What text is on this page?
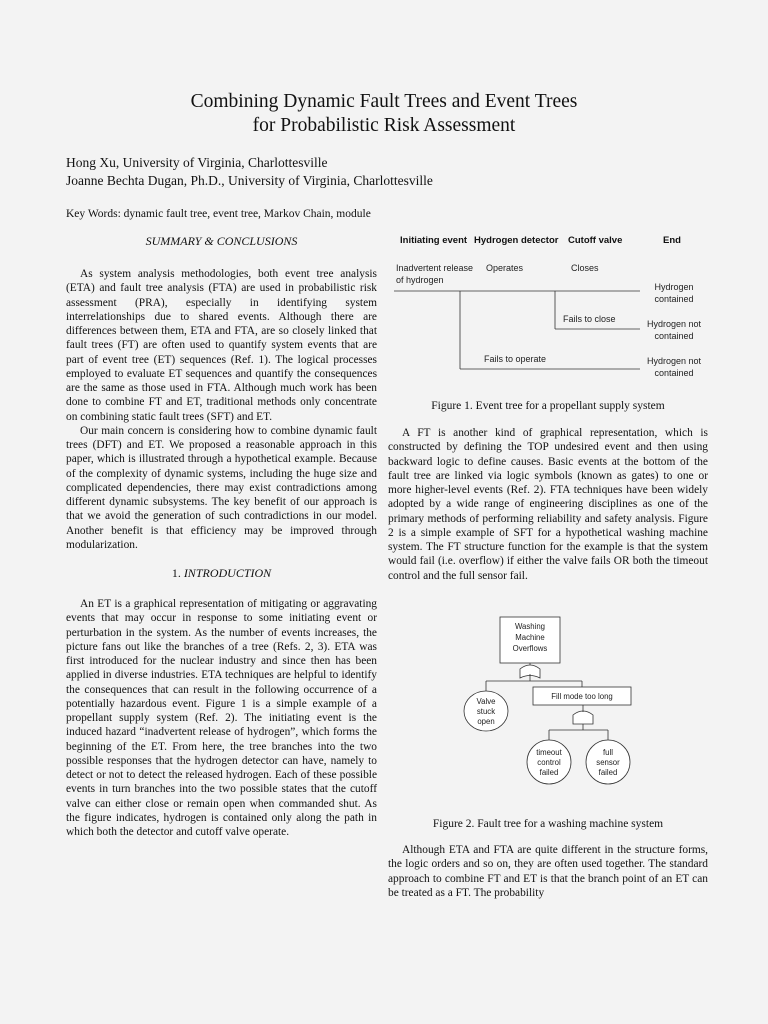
Combining Dynamic Fault Trees and Event Trees
for Probabilistic Risk Assessment
Hong Xu, University of Virginia, Charlottesville
Joanne Bechta Dugan, Ph.D., University of Virginia, Charlottesville
Key Words: dynamic fault tree, event tree, Markov Chain, module
SUMMARY & CONCLUSIONS

As system analysis methodologies, both event tree analysis (ETA) and fault tree analysis (FTA) are used in probabilistic risk assessment (PRA), especially in identifying system interrelationships due to shared events. Although there are differences between them, ETA and FTA, are so closely linked that fault trees (FT) are often used to quantify system events that are part of event tree (ET) sequences (Ref. 1). The logical processes employed to evaluate ET sequences and quantify the consequences are the same as those used in FTA. Although much work has been done to combine FT and ET, traditional methods only concentrate on combining static fault trees (SFT) and ET.

Our main concern is considering how to combine dynamic fault trees (DFT) and ET. We proposed a reasonable approach in this paper, which is illustrated through a hypothetical example. Because of the complexity of dynamic systems, including the huge size and complicated dependencies, there may exist contradictions among different dynamic subsystems. The key benefit of our approach is that we avoid the generation of such contradictions in our model. Another benefit is that efficiency may be improved through modularization.

1. INTRODUCTION

An ET is a graphical representation of mitigating or aggravating events that may occur in response to some initiating event or perturbation in the system. As the number of events increases, the picture fans out like the branches of a tree (Refs. 2, 3). ETA was first introduced for the nuclear industry and since then has been applied in diverse industries. ETA techniques are helpful to identify the consequences that can result in the following occurrence of a potentially hazardous event. Figure 1 is a simple example of a propellant supply system (Ref. 2). The initiating event is the induced hazard “inadvertent release of hydrogen”, which forms the beginning of the ET. From here, the tree branches into the two possible responses that the hydrogen detector can have, namely to detect or not to detect the released hydrogen. Each of these possible events in turn branches into the two possible states that the cutoff valve can either close or remain open when commanded shut. As the figure indicates, hydrogen is contained only along the path in which both the detector and cutoff valve operate.

Initiating event Hydrogen detector Cutoff valve	End
Inadvertent release
of hydrogen
Operates	Closes
Fails to close
Fails to operate
Hydrogen
contained
Hydrogen not
contained
Hydrogen not
contained
Figure 1. Event tree for a propellant supply system

A FT is another kind of graphical representation, which is constructed by defining the TOP undesired event and then using backward logic to define causes. Basic events at the bottom of the fault tree are linked via logic symbols (known as gates) to one or more higher-level events (Ref. 2). FTA techniques have been widely adopted by a wide range of engineering disciplines as one of the primary methods of performing reliability and safety analysis. Figure 2 is a simple example of SFT for a hypothetical washing machine system. The FT structure function for the example is that the system would fail (i.e. overflow) if either the valve fails OR both the timeout control and the full sensor fail.

Washing
Machine
Overflows
Fill mode too long
Valve
stuck
open
timeout
control
failed
full
sensor
failed
Figure 2. Fault tree for a washing machine system

Although ETA and FTA are quite different in the structure forms, the logic orders and so on, they are often used together. The standard approach to combine FT and ET is that the branch point of an ET can be treated as a FT. The probability
